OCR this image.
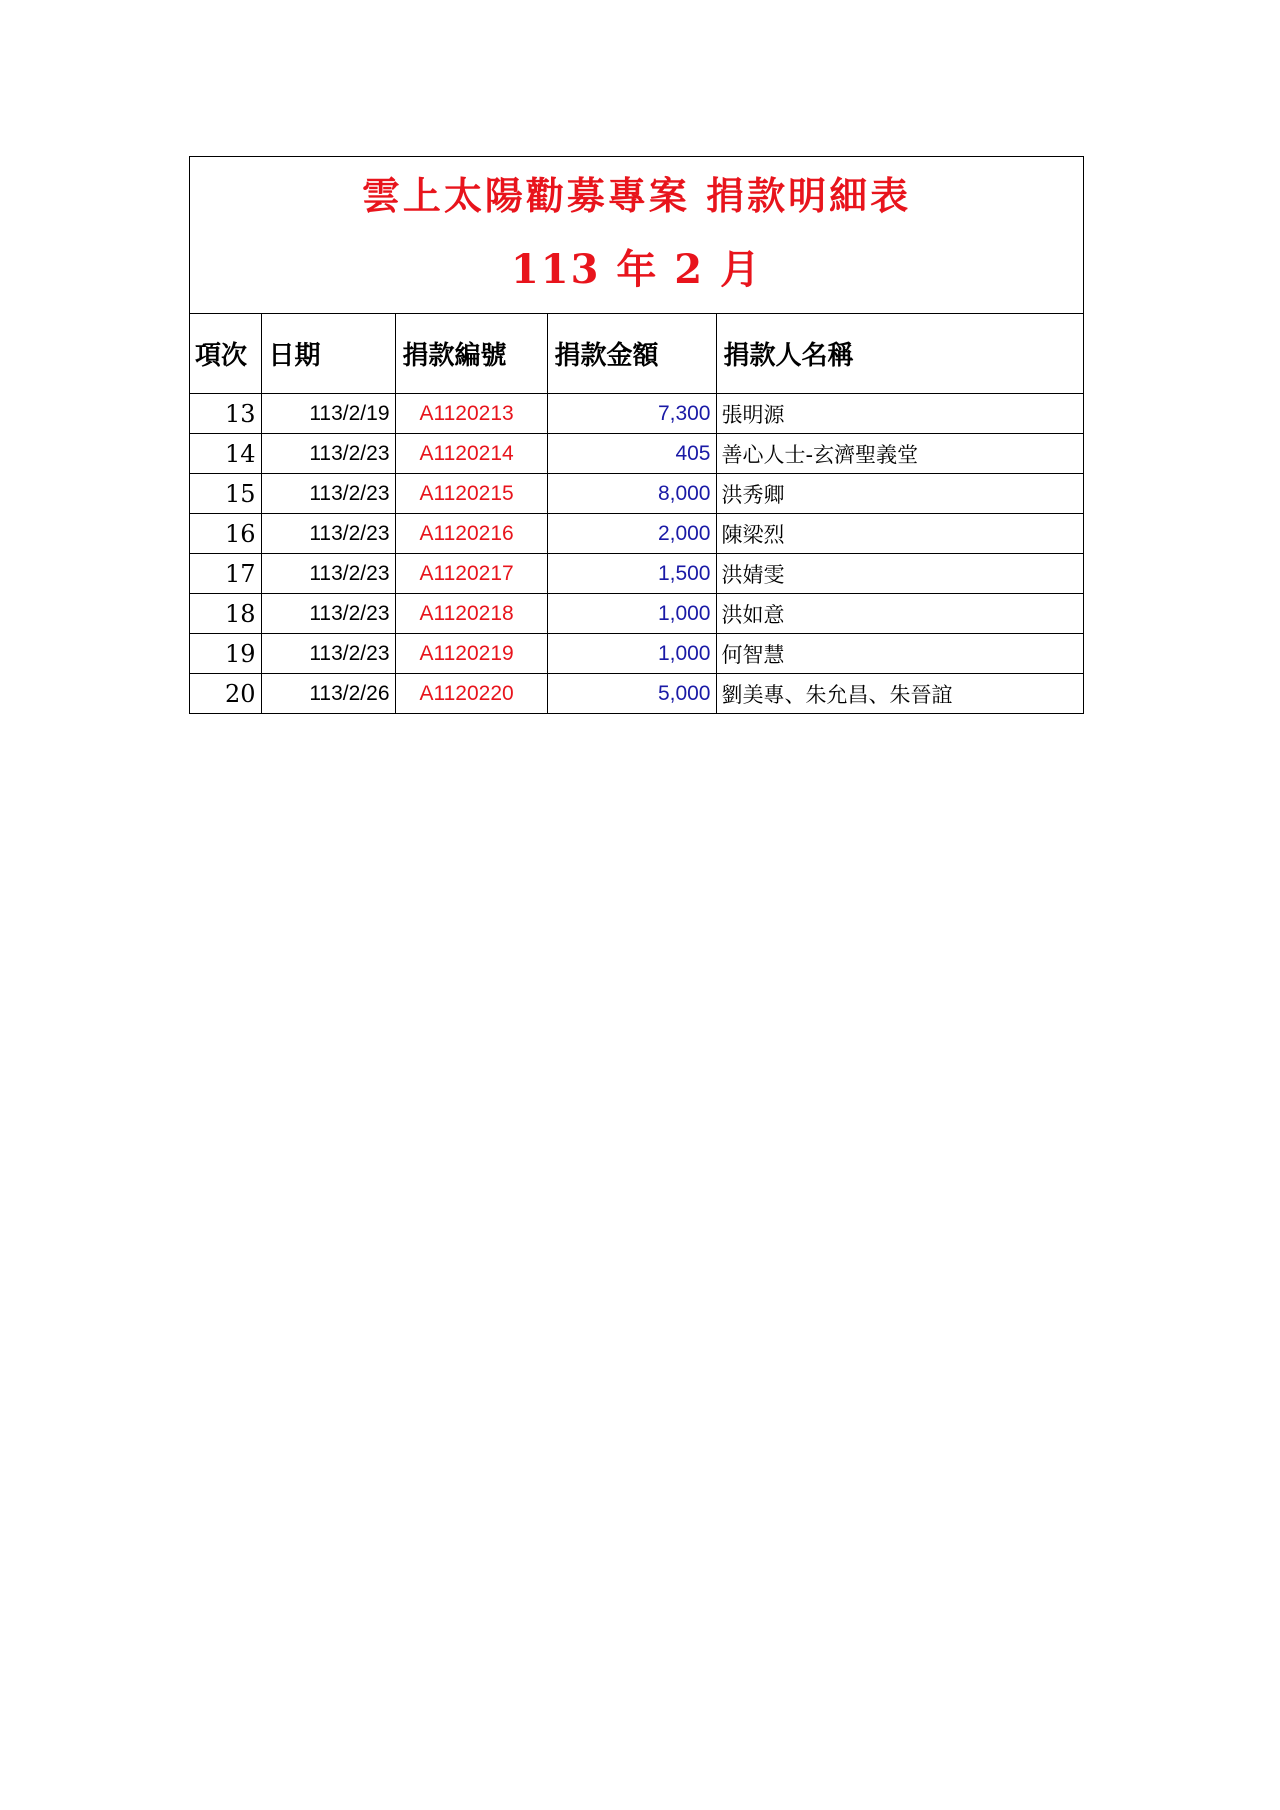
雲上太陽勸募專案 捐款明細表
113 年 2 月
項次	日期	捐款編號	捐款金額	捐款人名稱
13	113/2/19	A1120213	7,300	張明源
14	113/2/23	A1120214	405	善心人士-玄濟聖義堂
15	113/2/23	A1120215	8,000	洪秀卿
16	113/2/23	A1120216	2,000	陳梁烈
17	113/2/23	A1120217	1,500	洪婧雯
18	113/2/23	A1120218	1,000	洪如意
19	113/2/23	A1120219	1,000	何智慧
20	113/2/26	A1120220	5,000	劉美專、朱允昌、朱晉誼
